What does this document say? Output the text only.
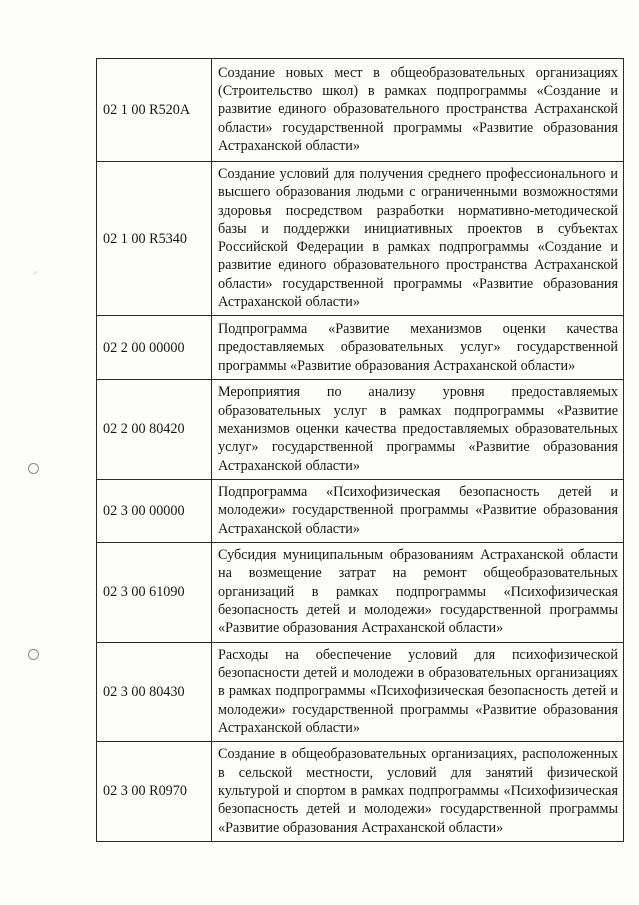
⸝
02 1 00 R520A	Создание новых мест в общеобразовательных организациях (Строительство школ) в рамках подпрограммы «Создание и развитие единого образовательного пространства Астраханской области» государственной программы «Развитие образования Астраханской области»
02 1 00 R5340	Создание условий для получения среднего профессионального и высшего образования людьми с ограниченными возможностями здоровья посредством разработки нормативно-методической базы и поддержки инициативных проектов в субъектах Российской Федерации в рамках подпрограммы «Создание и развитие единого образовательного пространства Астраханской области» государственной программы «Развитие образования Астраханской области»
02 2 00 00000	Подпрограмма «Развитие механизмов оценки качества предоставляемых образовательных услуг» государственной программы «Развитие образования Астраханской области»
02 2 00 80420	Мероприятия по анализу уровня предоставляемых образовательных услуг в рамках подпрограммы «Развитие механизмов оценки качества предоставляемых образовательных услуг» государственной программы «Развитие образования Астраханской области»
02 3 00 00000	Подпрограмма «Психофизическая безопасность детей и молодежи» государственной программы «Развитие образования Астраханской области»
02 3 00 61090	Субсидия муниципальным образованиям Астраханской области на возмещение затрат на ремонт общеобразовательных организаций в рамках подпрограммы «Психофизическая безопасность детей и молодежи» государственной программы «Развитие образования Астраханской области»
02 3 00 80430	Расходы на обеспечение условий для психофизической безопасности детей и молодежи в образовательных организациях в рамках подпрограммы «Психофизическая безопасность детей и молодежи» государственной программы «Развитие образования Астраханской области»
02 3 00 R0970	Создание в общеобразовательных организациях, расположенных в сельской местности, условий для занятий физической культурой и спортом в рамках подпрограммы «Психофизическая безопасность детей и молодежи» государственной программы «Развитие образования Астраханской области»
